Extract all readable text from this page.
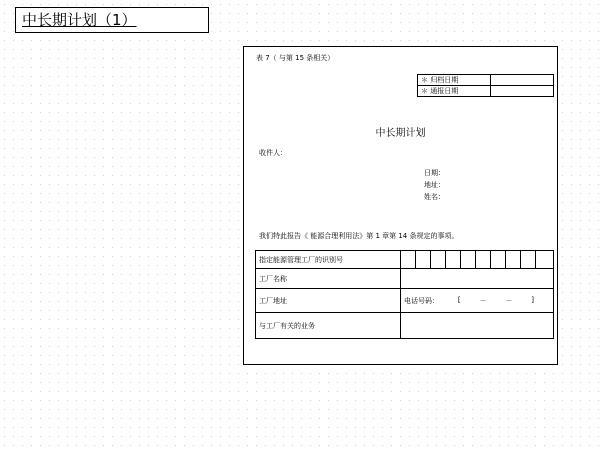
中长期计划（1）
表 7（ 与第 15 条相关）
＊ 归档日期	
＊ 通报日期	
中长期计划
收件人：
日期：
地址：
姓名：
我们特此报告《 能源合理利用法》第 1 章第 14 条规定的事项。
指定能源管理工厂的识别号										
工厂名称										
工厂地址	电话号码： [ － － ]									

与工厂有关的业务										
